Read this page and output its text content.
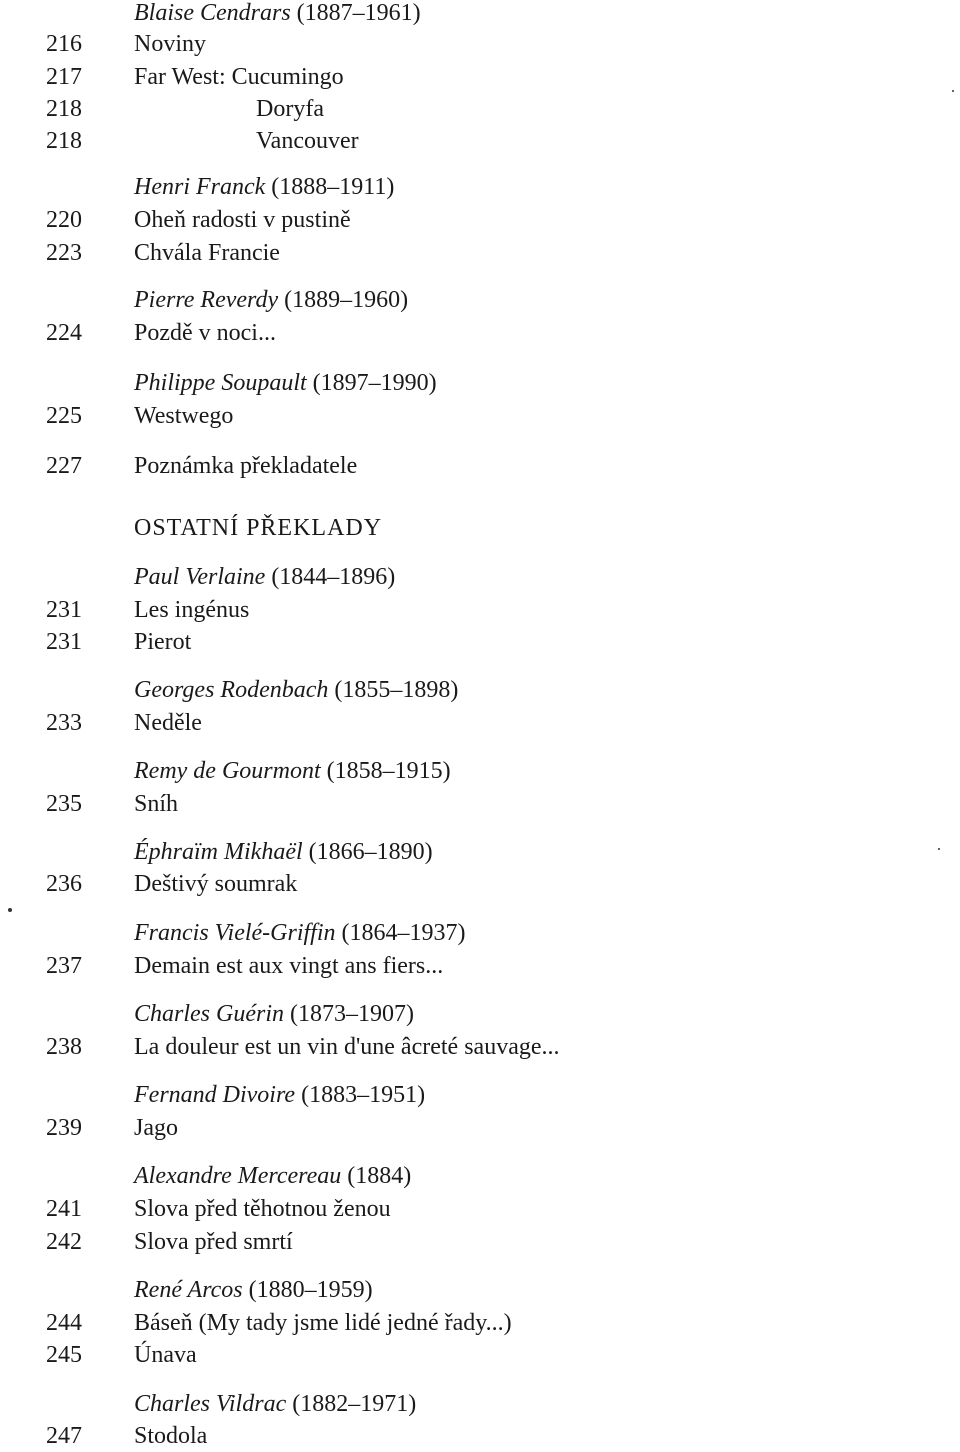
Blaise Cendrars (1887–1961)
216	Noviny
217	Far West: Cucumingo
218	Doryfa
218	Vancouver
Henri Franck (1888–1911)
220	Oheň radosti v pustině
223	Chvála Francie
Pierre Reverdy (1889–1960)
224	Pozdě v noci...
Philippe Soupault (1897–1990)
225	Westwego
227	Poznámka překladatele
OSTATNÍ PŘEKLADY
Paul Verlaine (1844–1896)
231	Les ingénus
231	Pierot
Georges Rodenbach (1855–1898)
233	Neděle
Remy de Gourmont (1858–1915)
235	Sníh
Éphraïm Mikhaël (1866–1890)
236	Deštivý soumrak
Francis Vielé-Griffin (1864–1937)
237	Demain est aux vingt ans fiers...
Charles Guérin (1873–1907)
238	La douleur est un vin d'une âcreté sauvage...
Fernand Divoire (1883–1951)
239	Jago
Alexandre Mercereau (1884)
241	Slova před těhotnou ženou
242	Slova před smrtí
René Arcos (1880–1959)
244	Báseň (My tady jsme lidé jedné řady...)
245	Únava
Charles Vildrac (1882–1971)
247	Stodola
